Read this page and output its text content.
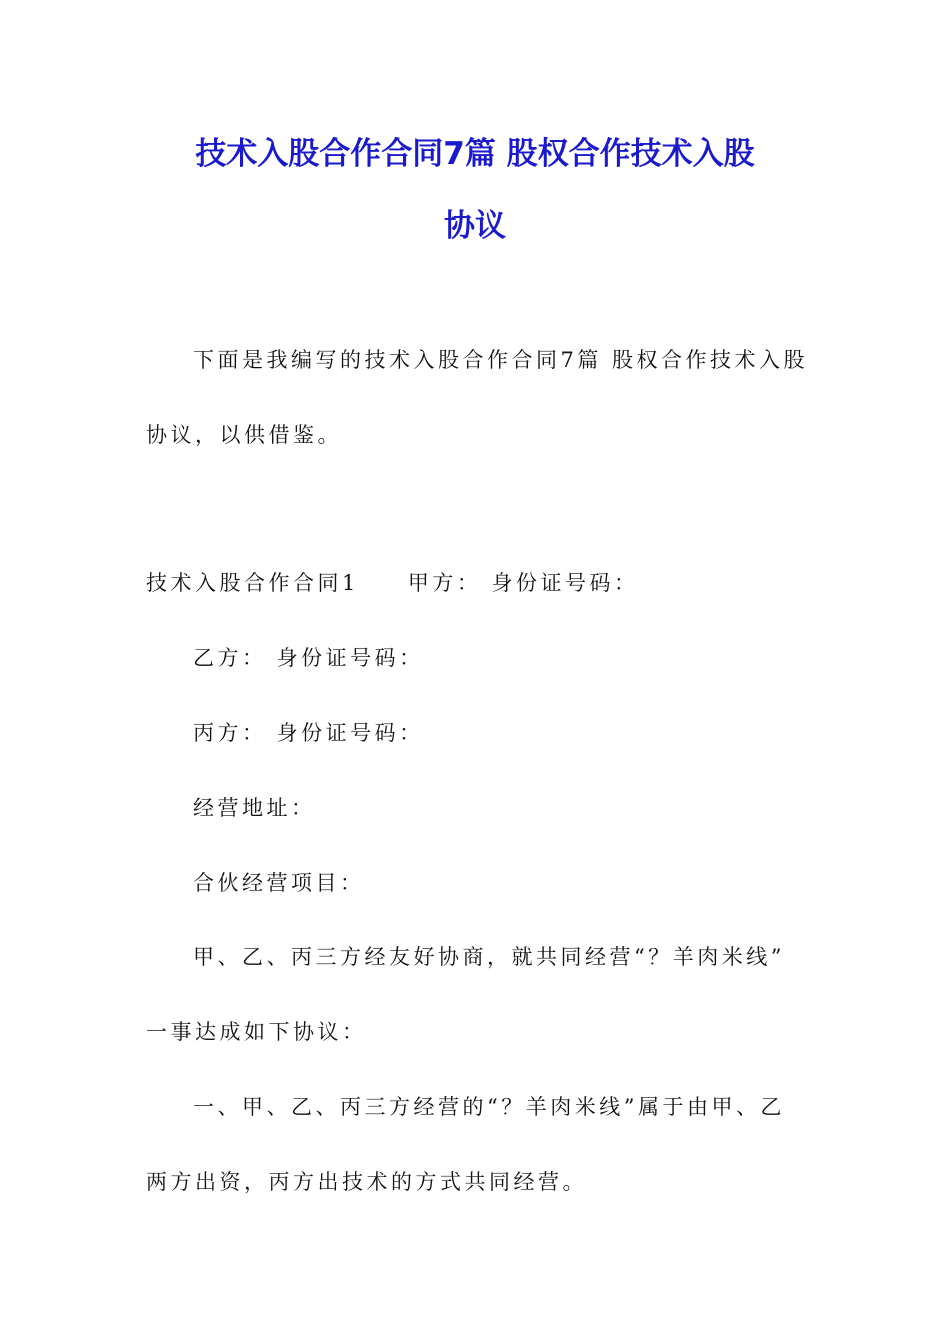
技术入股合作合同7篇 股权合作技术入股
协议
下面是我编写的技术入股合作合同7篇 股权合作技术入股
协议，以供借鉴。
技术入股合作合同1　　甲方： 身份证号码：
乙方： 身份证号码：
丙方： 身份证号码：
经营地址：
合伙经营项目：
甲、乙、丙三方经友好协商，就共同经营“？羊肉米线”
一事达成如下协议：
一、甲、乙、丙三方经营的“？羊肉米线”属于由甲、乙
两方出资，丙方出技术的方式共同经营。
